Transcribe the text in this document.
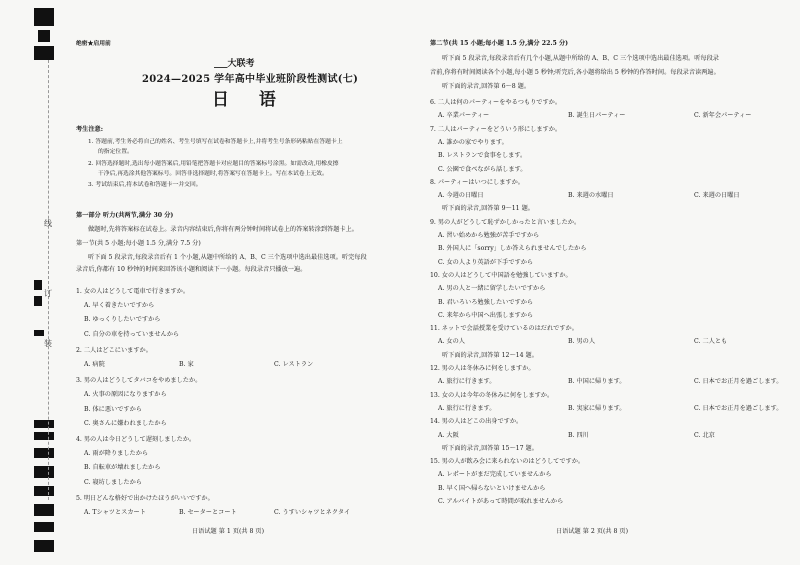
线
订
装
绝密★启用前
___大联考
2024—2025 学年高中毕业班阶段性测试(七)
日 语
考生注意:
1. 答题前,考生务必将自己的姓名、考生号填写在试卷和答题卡上,并将考生号条形码粘贴在答题卡上
的指定位置。
2. 回答选择题时,选出每小题答案后,用铅笔把答题卡对应题目的答案标号涂黑。如需改动,用橡皮擦
干净后,再选涂其他答案标号。回答非选择题时,将答案写在答题卡上。写在本试卷上无效。
3. 考试结束后,将本试卷和答题卡一并交回。
第一部分 听力(共两节,满分 30 分)
做题时,先将答案标在试卷上。录音内容结束后,你将有两分钟时间将试卷上的答案转涂到答题卡上。
第一节(共 5 小题;每小题 1.5 分,满分 7.5 分)
听下面 5 段录音,每段录音后有 1 个小题,从题中所给的 A、B、C 三个选项中选出最佳选项。听完每段
录音后,你都有 10 秒钟的时间来回答该小题和阅读下一小题。每段录音只播放一遍。
1. 女の人はどうして電車で行きますか。
A. 早く着きたいですから
B. ゆっくりしたいですから
C. 自分の車を持っていませんから
2. 二人はどこにいますか。
A. 病院	B. 家	C. レストラン
3. 男の人はどうしてタバコをやめましたか。
A. 火事の原因になりますから
B. 体に悪いですから
C. 奥さんに嫌われましたから
4. 男の人は今日どうして遅刻しましたか。
A. 雨が降りましたから
B. 自転車が壊れましたから
C. 寝坊しましたから
5. 明日どんな格好で出かけたほうがいいですか。
A. Tシャツとスカート	B. セーターとコート	C. うすいシャツとネクタイ
日语试题 第 1 页(共 8 页)
第二节(共 15 小题;每小题 1.5 分,满分 22.5 分)
听下面 5 段录音,每段录音后有几个小题,从题中所给的 A、B、C 三个选项中选出最佳选项。听每段录
音前,你将有时间阅读各个小题,每小题 5 秒钟;听完后,各小题将给出 5 秒钟的作答时间。每段录音读两遍。
听下面的录音,回答第 6～8 题。
6. 二人は何のパーティーをやるつもりですか。
A. 卒業パーティー	B. 誕生日パーティー	C. 新年会パーティー
7. 二人はパーティーをどういう形にしますか。
A. 誰かの家でやります。
B. レストランで食事をします。
C. 公園で食べながら話します。
8. パーティーはいつにしますか。
A. 今週の日曜日	B. 来週の水曜日	C. 来週の日曜日
听下面的录音,回答第 9～11 题。
9. 男の人がどうして恥ずかしかったと言いましたか。
A. 習い始めから勉強が苦手ですから
B. 外国人に「sorry」しか答えられませんでしたから
C. 女の人より英語が下手ですから
10. 女の人はどうして中国語を勉強していますか。
A. 男の人と一緒に留学したいですから
B. 君いろいろ勉強したいですから
C. 来年から中国へ出張しますから
11. ネットで会話授業を受けているのはだれですか。
A. 女の人	B. 男の人	C. 二人とも
听下面的录音,回答第 12～14 题。
12. 男の人は冬休みに何をしますか。
A. 旅行に行きます。	B. 中国に帰ります。	C. 日本でお正月を過ごします。
13. 女の人は今年の冬休みに何をしますか。
A. 旅行に行きます。	B. 実家に帰ります。	C. 日本でお正月を過ごします。
14. 男の人はどこの出身ですか。
A. 大阪	B. 四川	C. 北京
听下面的录音,回答第 15～17 题。
15. 男の人が飲み会に来られないのはどうしてですか。
A. レポートがまだ完成していませんから
B. 早く国へ帰らないといけませんから
C. アルバイトがあって時間が取れませんから
日语试题 第 2 页(共 8 页)
